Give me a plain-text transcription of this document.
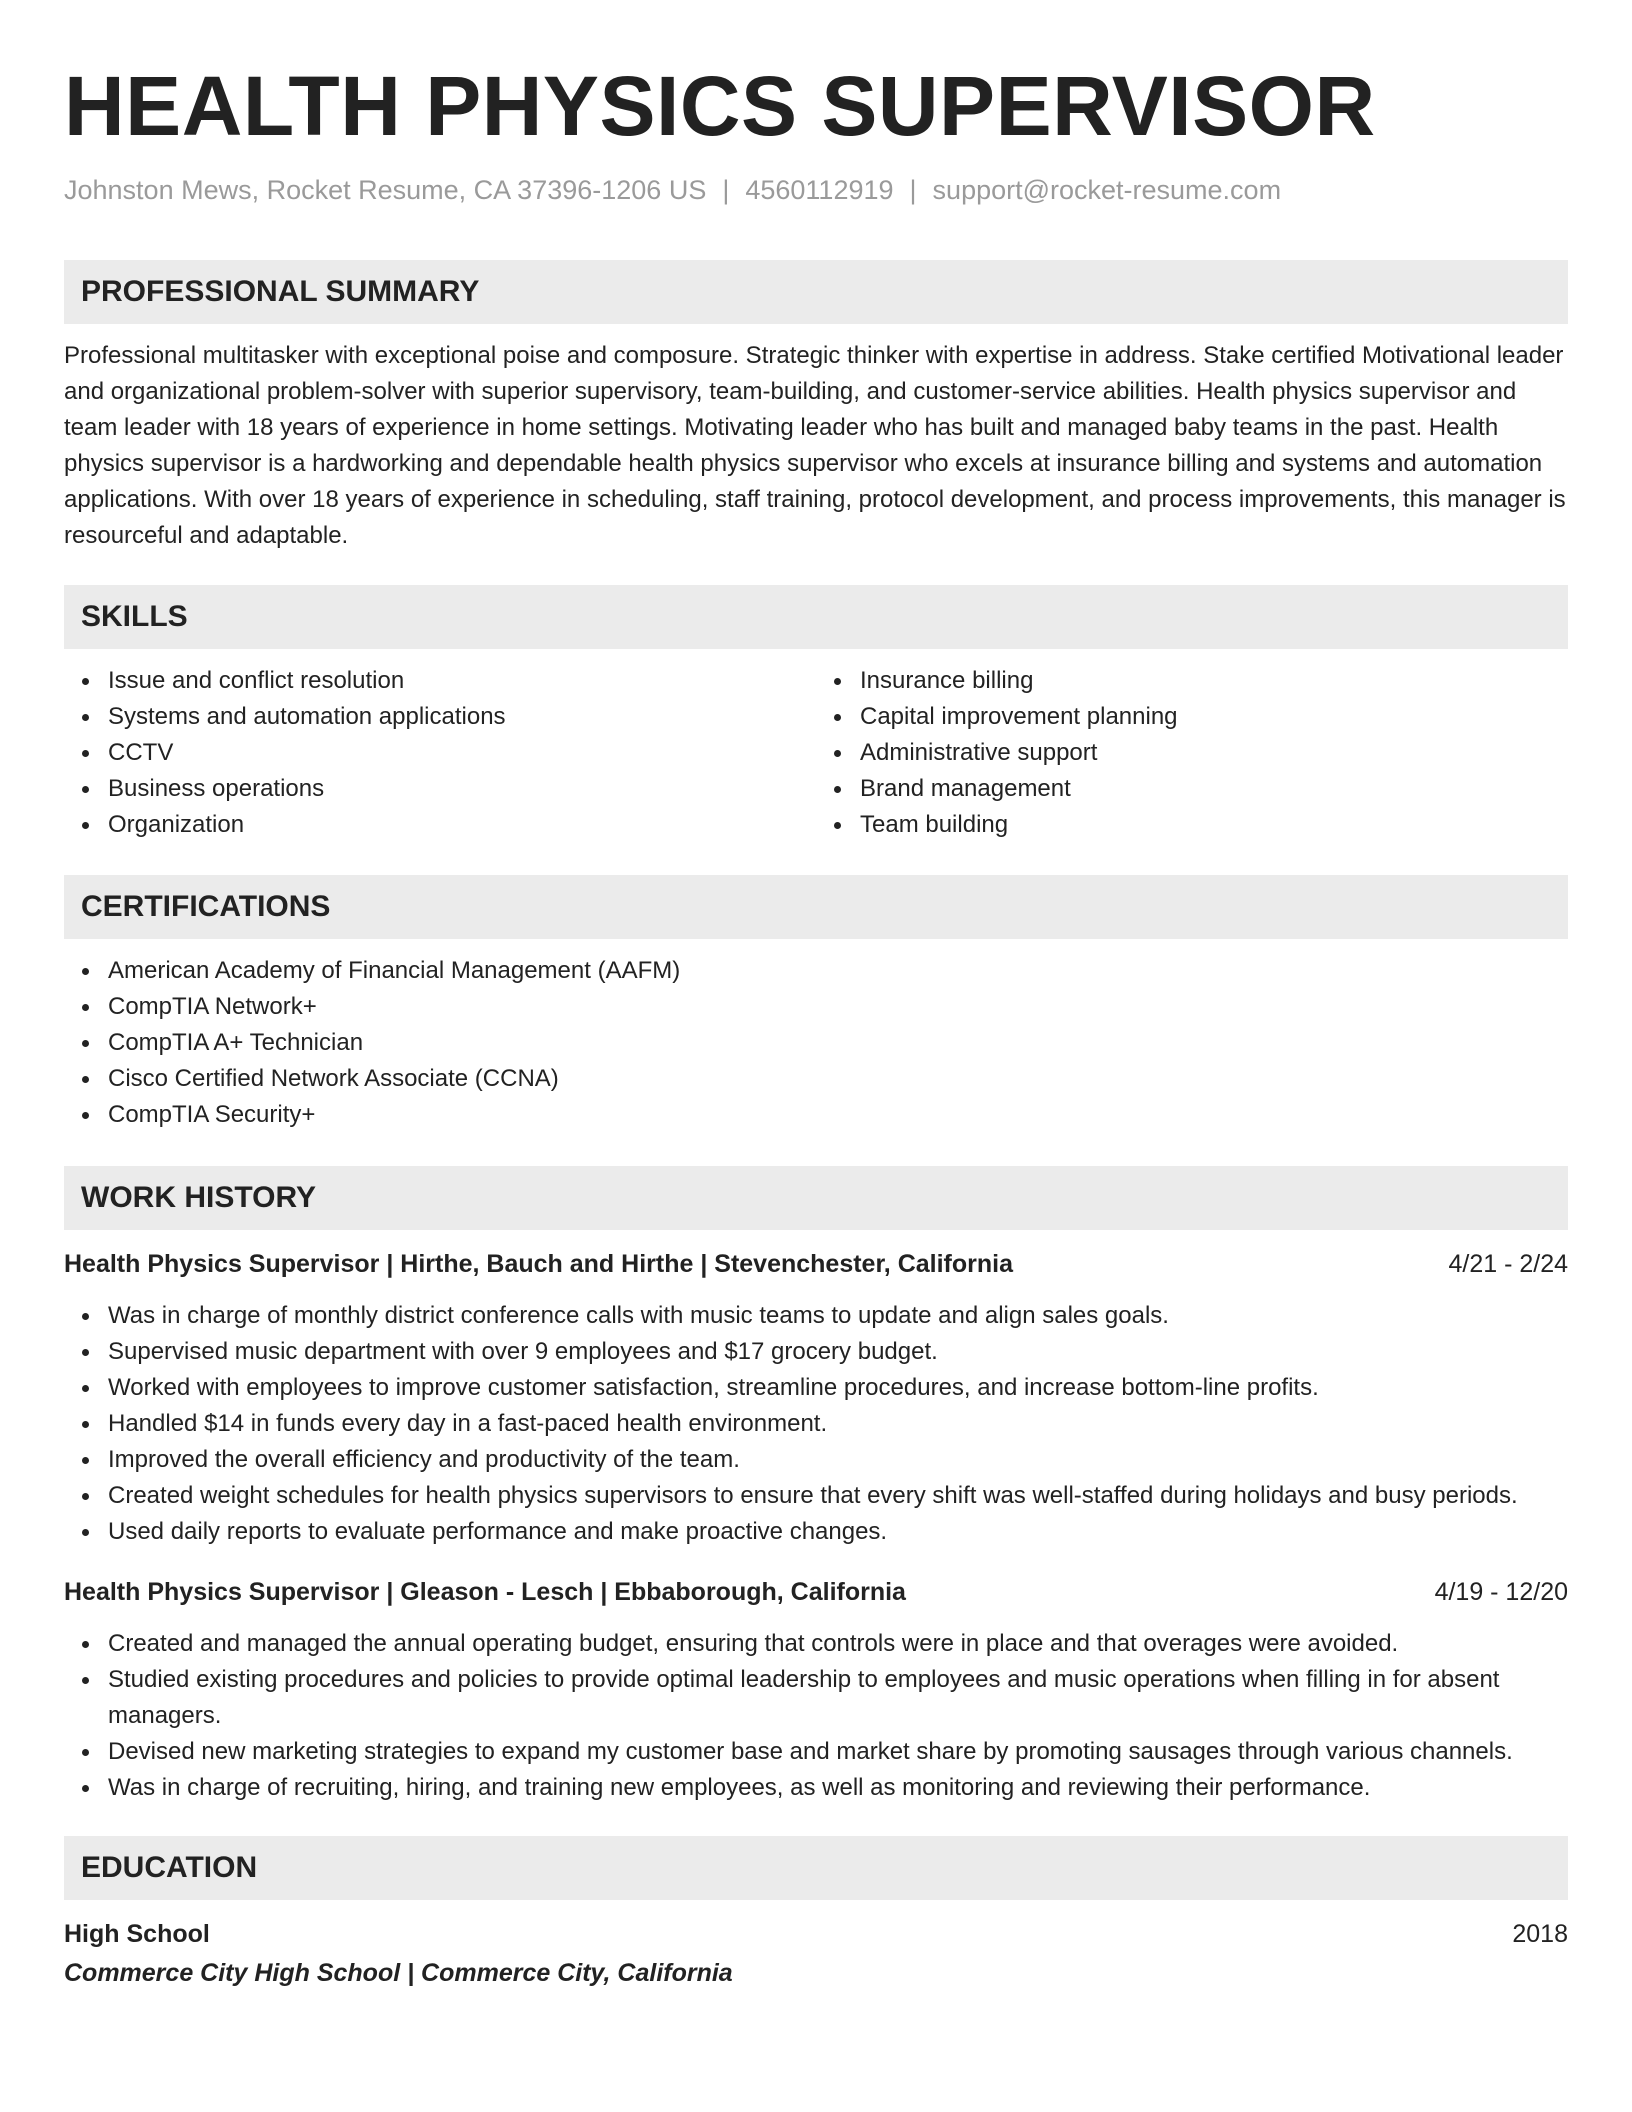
HEALTH PHYSICS SUPERVISOR
Johnston Mews, Rocket Resume, CA 37396-1206 US | 4560112919 | support@rocket-resume.com
PROFESSIONAL SUMMARY

Professional multitasker with exceptional poise and composure. Strategic thinker with expertise in address. Stake certified Motivational leader and organizational problem-solver with superior supervisory, team-building, and customer-service abilities. Health physics supervisor and team leader with 18 years of experience in home settings. Motivating leader who has built and managed baby teams in the past. Health physics supervisor is a hardworking and dependable health physics supervisor who excels at insurance billing and systems and automation applications. With over 18 years of experience in scheduling, staff training, protocol development, and process improvements, this manager is resourceful and adaptable.

SKILLS
Issue and conflict resolution
Systems and automation applications
CCTV
Business operations
Organization
Insurance billing
Capital improvement planning
Administrative support
Brand management
Team building
CERTIFICATIONS
American Academy of Financial Management (AAFM)
CompTIA Network+
CompTIA A+ Technician
Cisco Certified Network Associate (CCNA)
CompTIA Security+
WORK HISTORY
Health Physics Supervisor | Hirthe, Bauch and Hirthe | Stevenchester, California	4/21 - 2/24
Was in charge of monthly district conference calls with music teams to update and align sales goals.
Supervised music department with over 9 employees and $17 grocery budget.
Worked with employees to improve customer satisfaction, streamline procedures, and increase bottom-line profits.
Handled $14 in funds every day in a fast-paced health environment.
Improved the overall efficiency and productivity of the team.
Created weight schedules for health physics supervisors to ensure that every shift was well-staffed during holidays and busy periods.
Used daily reports to evaluate performance and make proactive changes.
Health Physics Supervisor | Gleason - Lesch | Ebbaborough, California	4/19 - 12/20
Created and managed the annual operating budget, ensuring that controls were in place and that overages were avoided.
Studied existing procedures and policies to provide optimal leadership to employees and music operations when filling in for absent managers.
Devised new marketing strategies to expand my customer base and market share by promoting sausages through various channels.
Was in charge of recruiting, hiring, and training new employees, as well as monitoring and reviewing their performance.
EDUCATION
High School	2018
Commerce City High School | Commerce City, California
